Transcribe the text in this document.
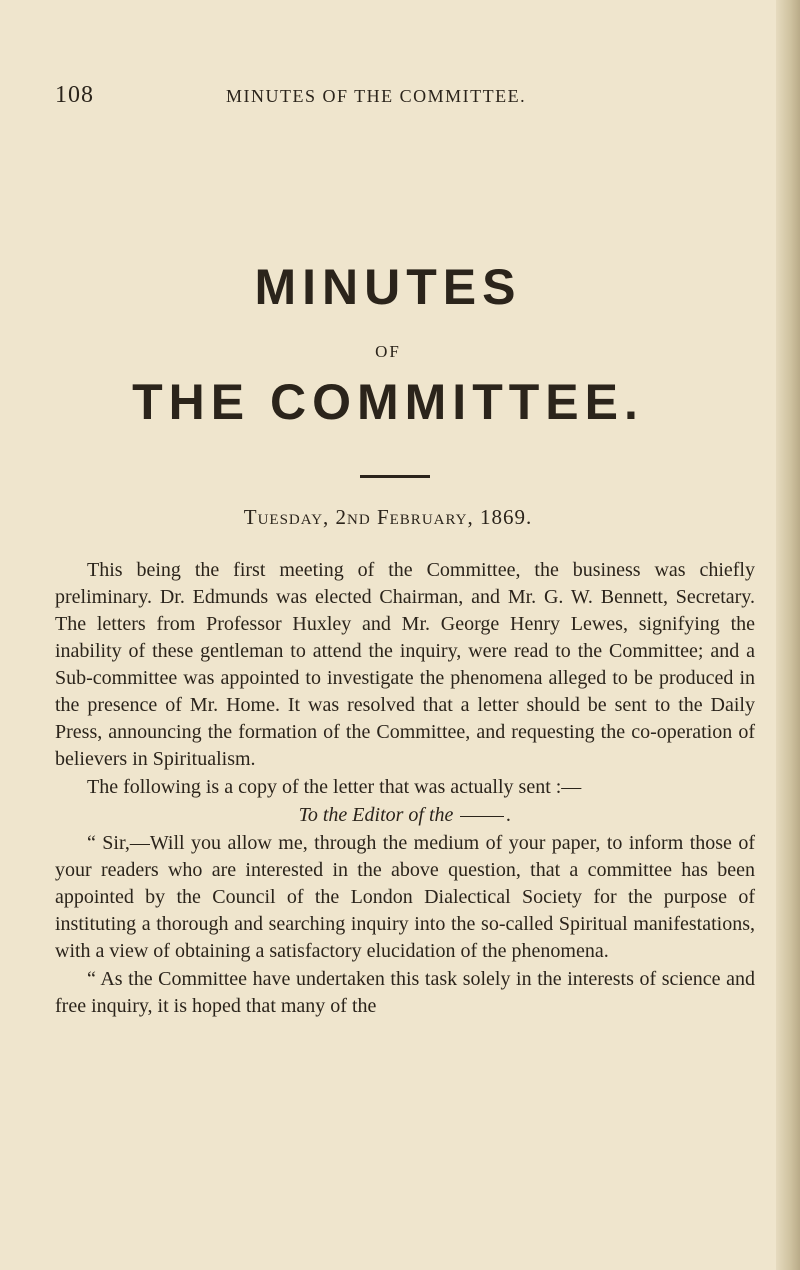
108	MINUTES OF THE COMMITTEE.
MINUTES
OF
THE COMMITTEE.
Tuesday, 2nd February, 1869.

This being the first meeting of the Committee, the business was chiefly preliminary. Dr. Edmunds was elected Chairman, and Mr. G. W. Bennett, Secretary. The letters from Professor Huxley and Mr. George Henry Lewes, signifying the inability of these gentleman to attend the inquiry, were read to the Committee; and a Sub-committee was appointed to investigate the phenomena alleged to be produced in the presence of Mr. Home. It was resolved that a letter should be sent to the Daily Press, announcing the formation of the Committee, and requesting the co-operation of believers in Spiritualism.

The following is a copy of the letter that was actually sent :—

To the Editor of the	.

“ Sir,—Will you allow me, through the medium of your paper, to inform those of your readers who are interested in the above question, that a committee has been appointed by the Council of the London Dialectical Society for the purpose of instituting a thorough and searching inquiry into the so-called Spiritual manifestations, with a view of obtaining a satisfactory elucidation of the phenomena.

“ As the Committee have undertaken this task solely in the interests of science and free inquiry, it is hoped that many of the
